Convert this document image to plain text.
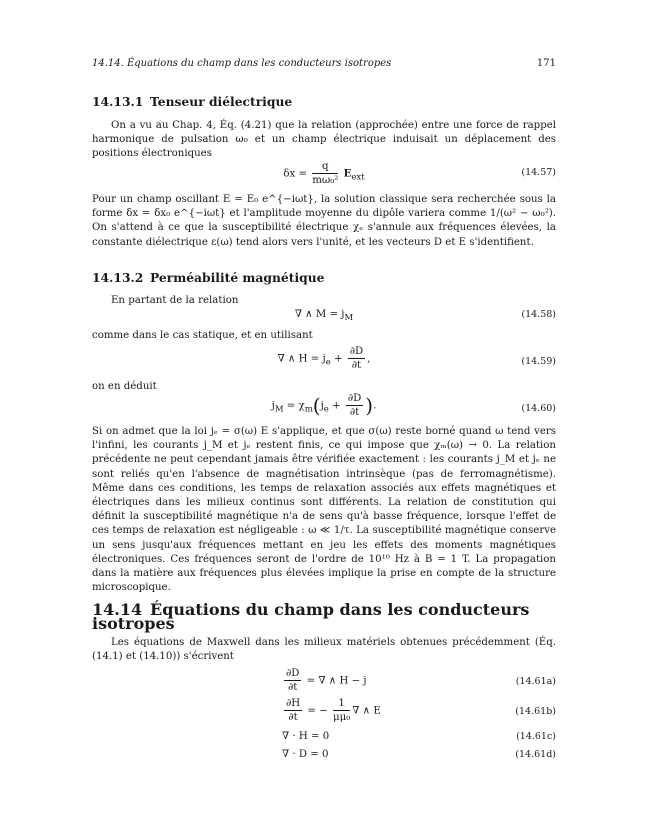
14.14. Équations du champ dans les conducteurs isotropes	171
14.13.1 Tenseur diélectrique
On a vu au Chap. 4, Éq. (4.21) que la relation (approchée) entre une force de rappel harmonique de pulsation ω₀ et un champ électrique induisait un déplacement des positions électroniques
$\delta x = \frac{q}{\text{mω₀²}} E_{ext}$	(14.57)
Pour un champ oscillant E = E₀ e^{−iωt}, la solution classique sera recherchée sous la forme δx = δx₀ e^{−iωt} et l'amplitude moyenne du dipôle variera comme 1/(ω² − ω₀²). On s'attend à ce que la susceptibilité électrique χₑ s'annule aux fréquences élevées, la constante diélectrique ε(ω) tend alors vers l'unité, et les vecteurs D et E s'identifient.
14.13.2 Perméabilité magnétique
En partant de la relation
∇ ∧ $M = j_M$	(14.58)
comme dans le cas statique, et en utilisant
∇ ∧ $H = j_e + \frac{\partial D}{\partial t}$ ,	(14.59)
on en déduit
$j_M = \chi_m(j_e + \frac{\partial D}{\partial t}$ ).	(14.60)
Si on admet que la loi jₑ = σ(ω) E s'applique, et que σ(ω) reste borné quand ω tend vers l'infini, les courants j_M et jₑ restent finis, ce qui impose que χₘ(ω) → 0. La relation précédente ne peut cependant jamais être vérifiée exactement : les courants j_M et jₑ ne sont reliés qu'en l'absence de magnétisation intrinsèque (pas de ferromagnétisme). Même dans ces conditions, les temps de relaxation associés aux effets magnétiques et électriques dans les milieux continus sont différents. La relation de constitution qui définit la susceptibilité magnétique n'a de sens qu'à basse fréquence, lorsque l'effet de ces temps de relaxation est négligeable : ω ≪ 1/τ. La susceptibilité magnétique conserve un sens jusqu'aux fréquences mettant en jeu les effets des moments magnétiques électroniques. Ces fréquences seront de l'ordre de 10¹⁰ Hz à B = 1 T. La propagation dans la matière aux fréquences plus élevées implique la prise en compte de la structure microscopique.
14.14 Équations du champ dans les conducteurs isotropes
Les équations de Maxwell dans les milieux matériels obtenues précédemment (Éq. (14.1) et (14.10)) s'écrivent
$\frac{\partial D}{\partial t}$ = ∇ ∧ H − j	(14.61a)
$\frac{\partial H}{\partial t}$ = − $\frac{1}{\text{μμ₀}}$ ∇ ∧ E	(14.61b)
∇ · H = 0	(14.61c)
∇ · D = 0	(14.61d)
